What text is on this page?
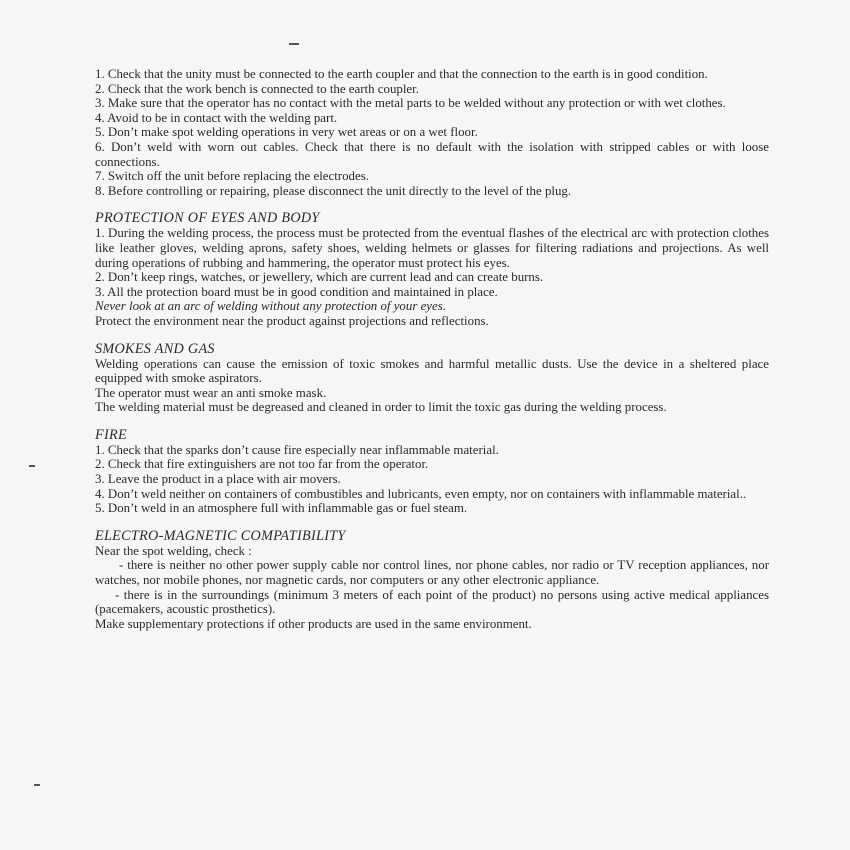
1. Check that the unity must be connected to the earth coupler and that the connection to the earth is in good condition.

2. Check that the work bench is connected to the earth coupler.

3. Make sure that the operator has no contact with the metal parts to be welded without any protection or with wet clothes.

4. Avoid to be in contact with the welding part.

5. Don’t make spot welding operations in very wet areas or on a wet floor.

6. Don’t weld with worn out cables. Check that there is no default with the isolation with stripped cables or with loose connections.

7. Switch off the unit before replacing the electrodes.

8. Before controlling or repairing, please disconnect the unit directly to the level of the plug.

PROTECTION OF EYES AND BODY

1. During the welding process, the process must be protected from the eventual flashes of the electrical arc with protection clothes like leather gloves, welding aprons, safety shoes, welding helmets or glasses for filtering radiations and projections. As well during operations of rubbing and hammering, the operator must protect his eyes.

2. Don’t keep rings, watches, or jewellery, which are current lead and can create burns.

3. All the protection board must be in good condition and maintained in place.

Never look at an arc of welding without any protection of your eyes.

Protect the environment near the product against projections and reflections.

SMOKES AND GAS

Welding operations can cause the emission of toxic smokes and harmful metallic dusts. Use the device in a sheltered place equipped with smoke aspirators.

The operator must wear an anti smoke mask.

The welding material must be degreased and cleaned in order to limit the toxic gas during the welding process.

FIRE

1. Check that the sparks don’t cause fire especially near inflammable material.

2. Check that fire extinguishers are not too far from the operator.

3. Leave the product in a place with air movers.

4. Don’t weld neither on containers of combustibles and lubricants, even empty, nor on containers with inflammable material..

5. Don’t weld in an atmosphere full with inflammable gas or fuel steam.

ELECTRO-MAGNETIC COMPATIBILITY

Near the spot welding, check :

- there is neither no other power supply cable nor control lines, nor phone cables, nor radio or TV reception appliances, nor watches, nor mobile phones, nor magnetic cards, nor computers or any other electronic appliance.

- there is in the surroundings (minimum 3 meters of each point of the product) no persons using active medical appliances (pacemakers, acoustic prosthetics).

Make supplementary protections if other products are used in the same environment.
